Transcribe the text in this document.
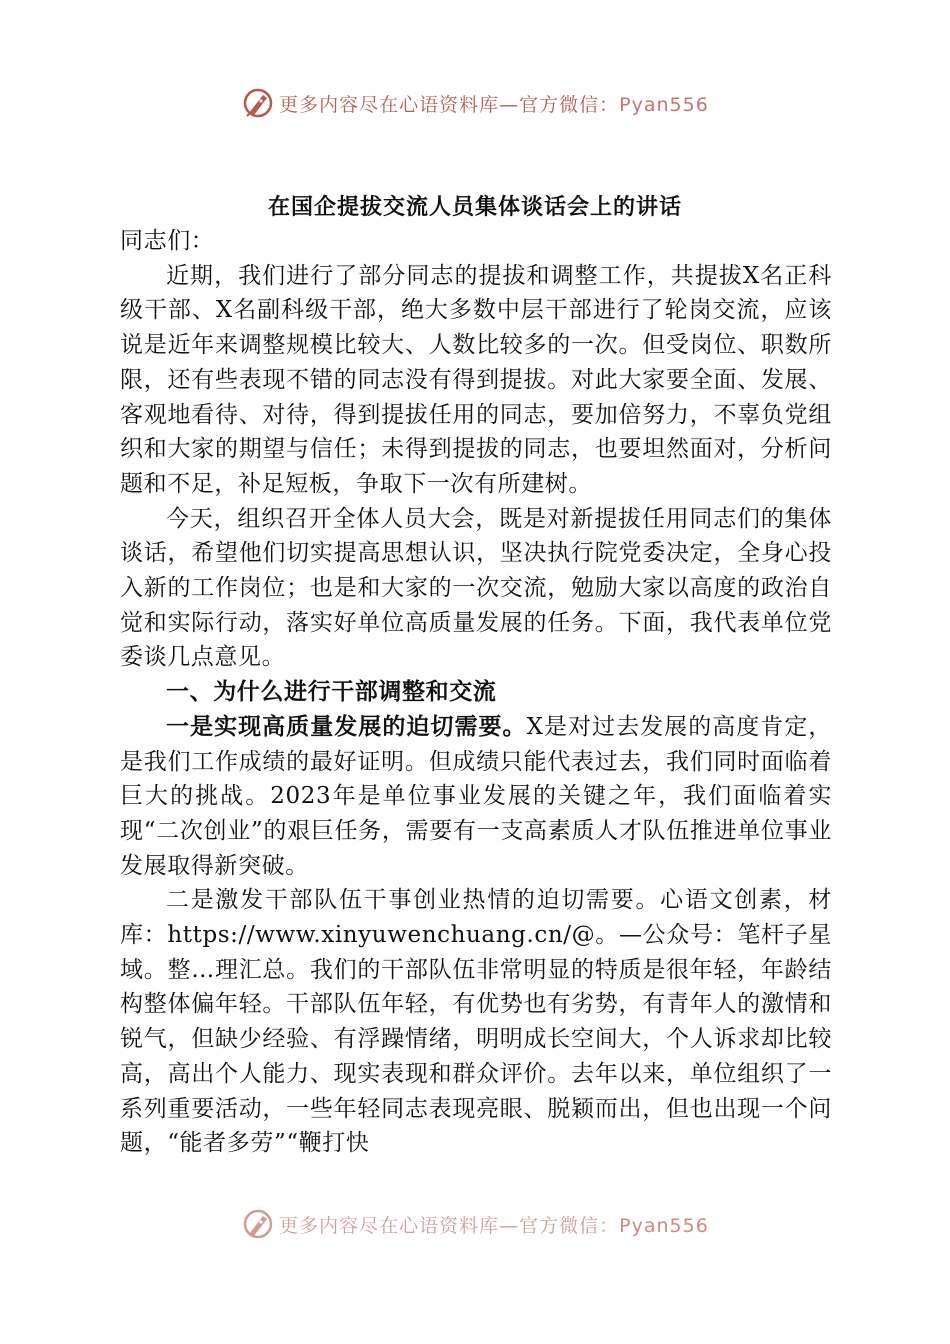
更多内容尽在心语资料库—官方微信：Pyan556
在国企提拔交流人员集体谈话会上的讲话

同志们：

近期，我们进行了部分同志的提拔和调整工作，共提拔X名正科级干部、X名副科级干部，绝大多数中层干部进行了轮岗交流，应该说是近年来调整规模比较大、人数比较多的一次。但受岗位、职数所限，还有些表现不错的同志没有得到提拔。对此大家要全面、发展、客观地看待、对待，得到提拔任用的同志，要加倍努力，不辜负党组织和大家的期望与信任；未得到提拔的同志，也要坦然面对，分析问题和不足，补足短板，争取下一次有所建树。

今天，组织召开全体人员大会，既是对新提拔任用同志们的集体谈话，希望他们切实提高思想认识，坚决执行院党委决定，全身心投入新的工作岗位；也是和大家的一次交流，勉励大家以高度的政治自觉和实际行动，落实好单位高质量发展的任务。下面，我代表单位党委谈几点意见。

一、为什么进行干部调整和交流

一是实现高质量发展的迫切需要。X是对过去发展的高度肯定，是我们工作成绩的最好证明。但成绩只能代表过去，我们同时面临着巨大的挑战。2023年是单位事业发展的关键之年，我们面临着实现“二次创业”的艰巨任务，需要有一支高素质人才队伍推进单位事业发展取得新突破。

二是激发干部队伍干事创业热情的迫切需要。心语文创素，材库：https://www.xinyuwenchuang.cn/@。—公众号：笔杆子星域。整…理汇总。我们的干部队伍非常明显的特质是很年轻，年龄结构整体偏年轻。干部队伍年轻，有优势也有劣势，有青年人的激情和锐气，但缺少经验、有浮躁情绪，明明成长空间大，个人诉求却比较高，高出个人能力、现实表现和群众评价。去年以来，单位组织了一系列重要活动，一些年轻同志表现亮眼、脱颖而出，但也出现一个问题，“能者多劳”“鞭打快

更多内容尽在心语资料库—官方微信：Pyan556
